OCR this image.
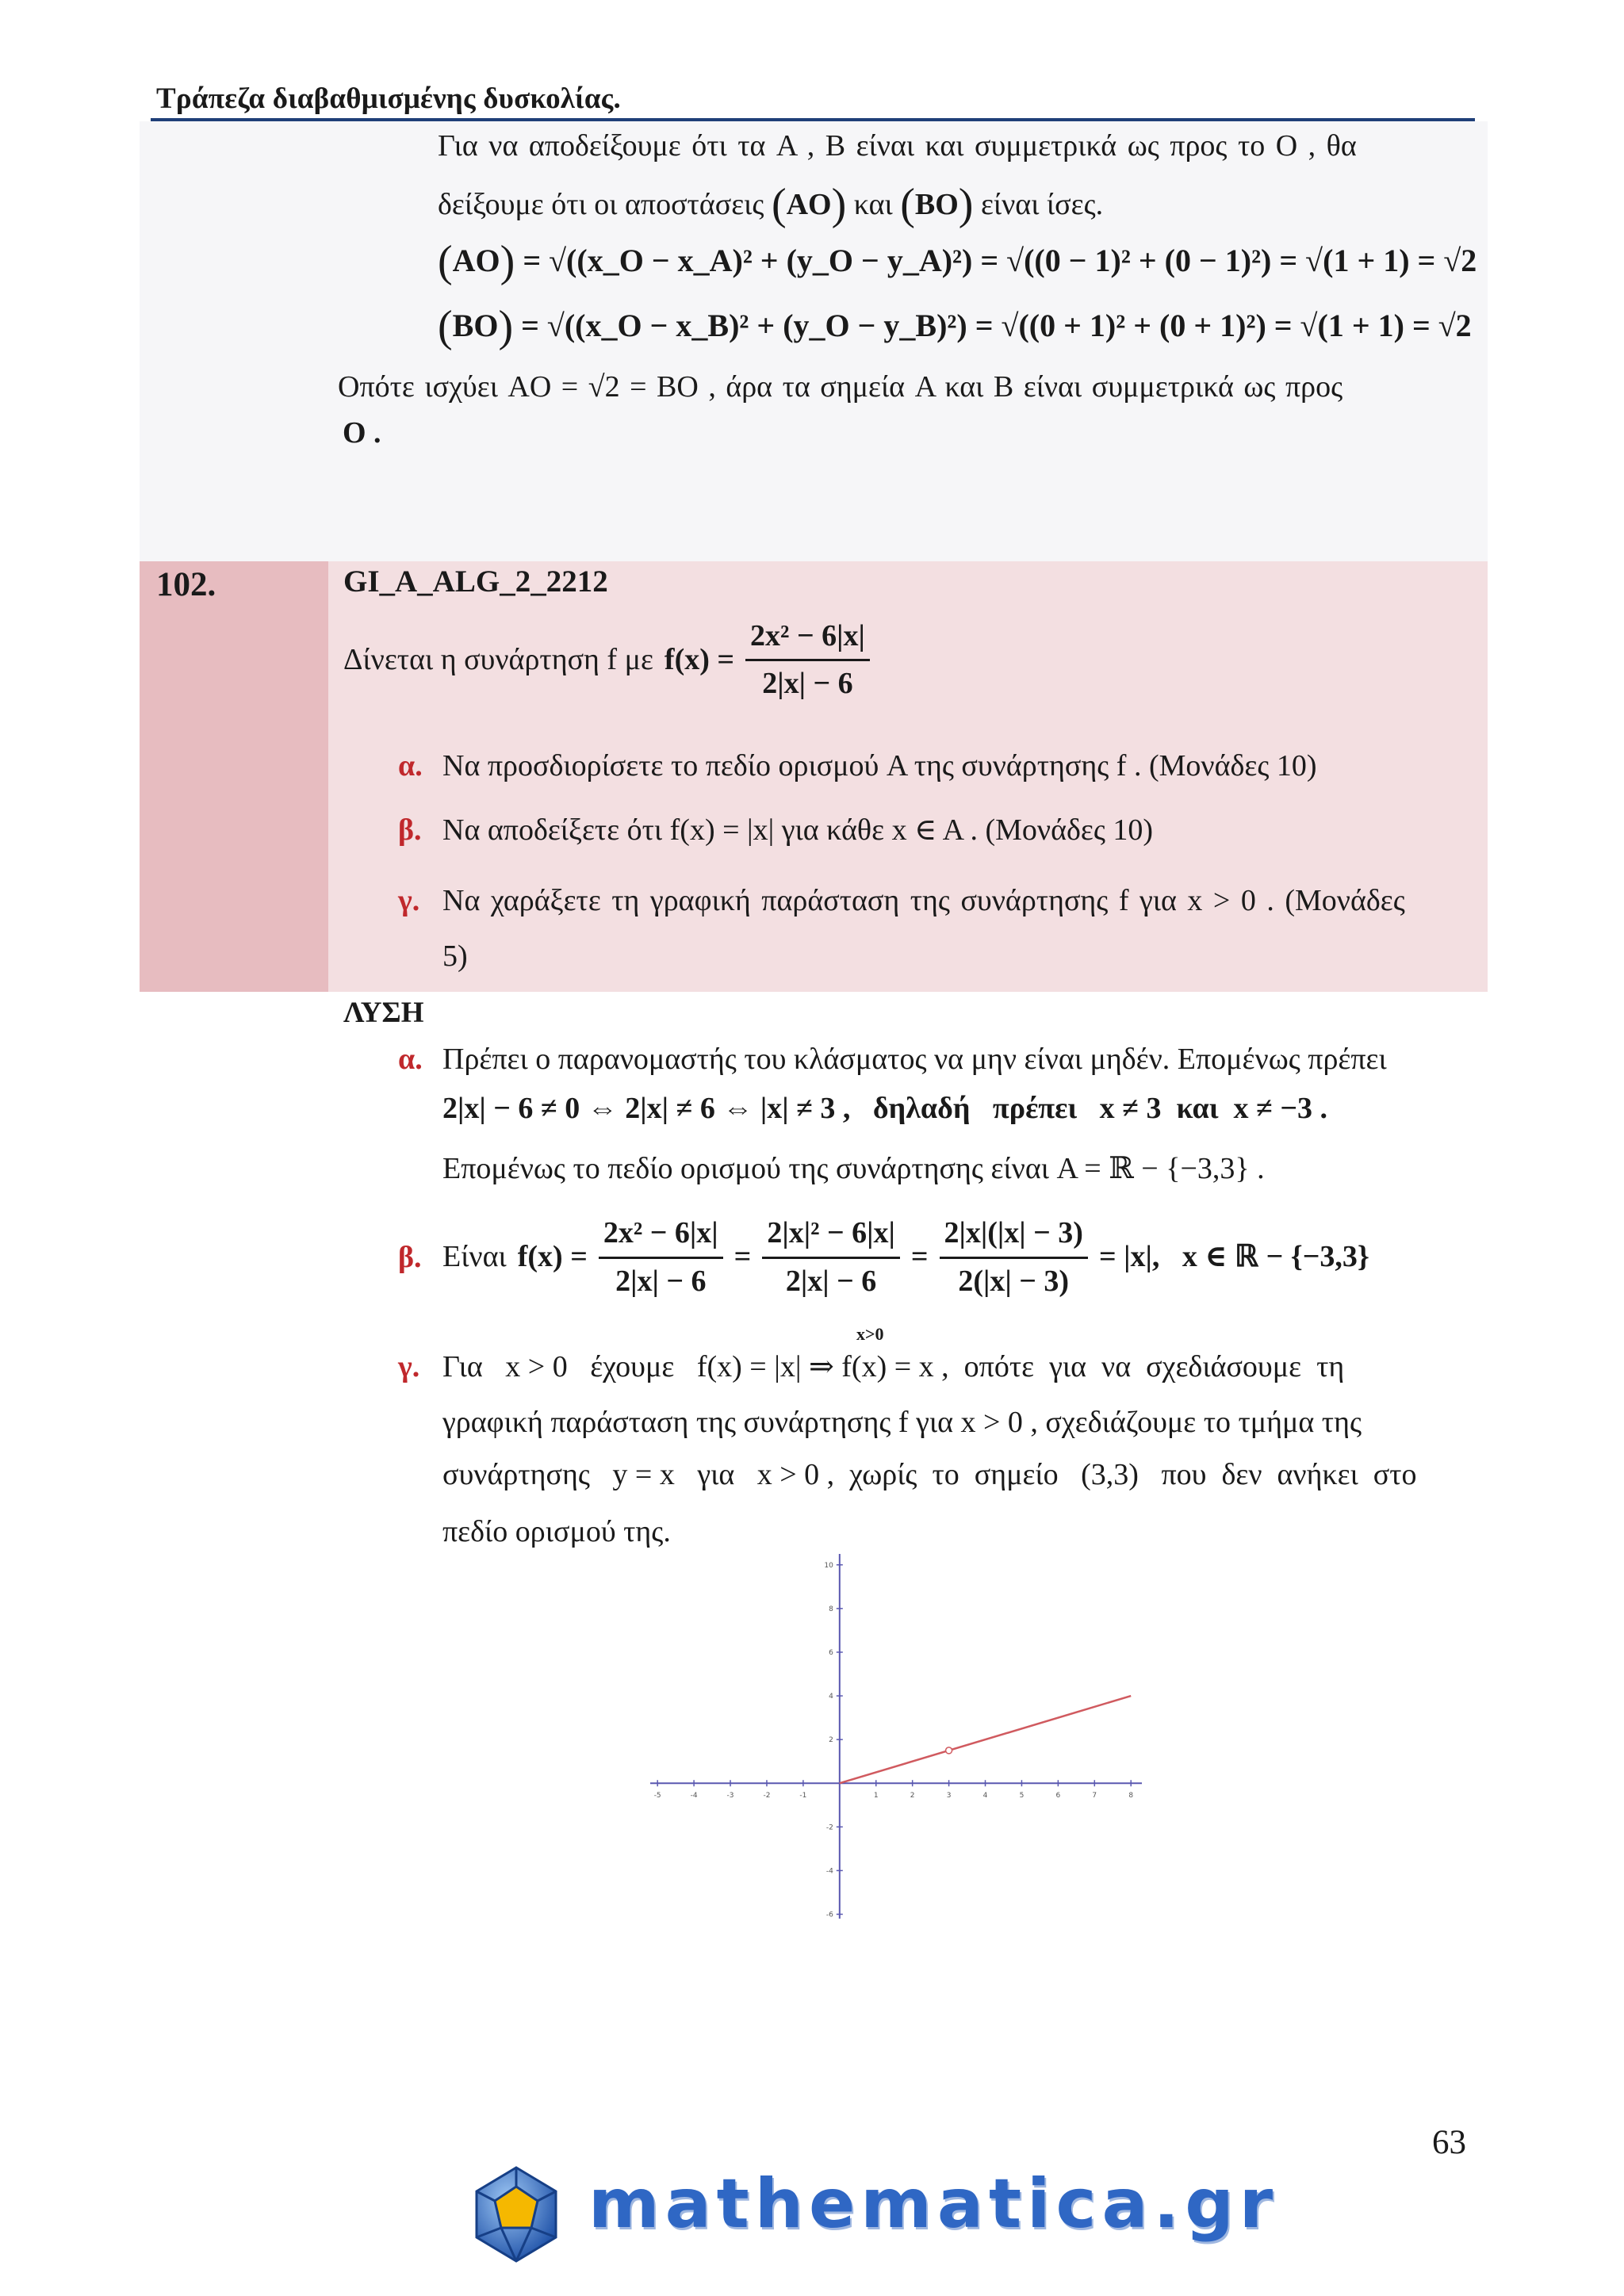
Τράπεζα διαβαθμισμένης δυσκολίας.
Για να αποδείξουμε ότι τα A , B είναι και συμμετρικά ως προς το O , θα
δείξουμε ότι οι αποστάσεις (AO) και (BO) είναι ίσες.
(AO) = √((x_O − x_A)² + (y_O − y_A)²) = √((0 − 1)² + (0 − 1)²) = √(1 + 1) = √2
(BO) = √((x_O − x_B)² + (y_O − y_B)²) = √((0 + 1)² + (0 + 1)²) = √(1 + 1) = √2
Οπότε ισχύει AO = √2 = BO , άρα τα σημεία A και B είναι συμμετρικά ως προς
O .
102.	GI_A_ALG_2_2212
Δίνεται η συνάρτηση f με $f(x) = \frac{\text{2x² − 6|x|}}{2|x| - 6}$
α. Να προσδιορίσετε το πεδίο ορισμού A της συνάρτησης f . (Μονάδες 10)
β. Να αποδείξετε ότι f(x) = |x| για κάθε x ∈ A . (Μονάδες 10)
γ. Να χαράξετε τη γραφική παράσταση της συνάρτησης f για x > 0 . (Μονάδες
5)
ΛΥΣΗ
α. Πρέπει ο παρανομαστής του κλάσματος να μην είναι μηδέν. Επομένως πρέπει
2|x| − 6 ≠ 0 ⇔ 2|x| ≠ 6 ⇔ |x| ≠ 3 ,   δηλαδή   πρέπει   x ≠ 3  και  x ≠ −3 .
Επομένως το πεδίο ορισμού της συνάρτησης είναι A = ℝ − {−3,3} .
β. Είναι $f(x) = \frac{\text{2x² − 6|x|}}{2|x| - 6} = \frac{\text{2|x|² − 6|x|}}{2|x| - 6} = \frac{2|x|(|x| - 3)}{2(|x| - 3)} = |x|$,   x ∈ ℝ − {−3,3}
x>0
γ. Για   x > 0   έχουμε   f(x) = |x| ⇒ f(x) = x ,  οπότε  για  να  σχεδιάσουμε  τη
γραφική παράσταση της συνάρτησης f για x > 0 , σχεδιάζουμε το τμήμα της
συνάρτησης   y = x   για   x > 0 ,  χωρίς  το  σημείο   (3,3)   που  δεν  ανήκει  στο
πεδίο ορισμού της.
-5	-4	-3	-2	-1	1	2	3	4	5	6	7	8
-6
-4
-2
2
4
6
8
10
63
mathematica.gr
